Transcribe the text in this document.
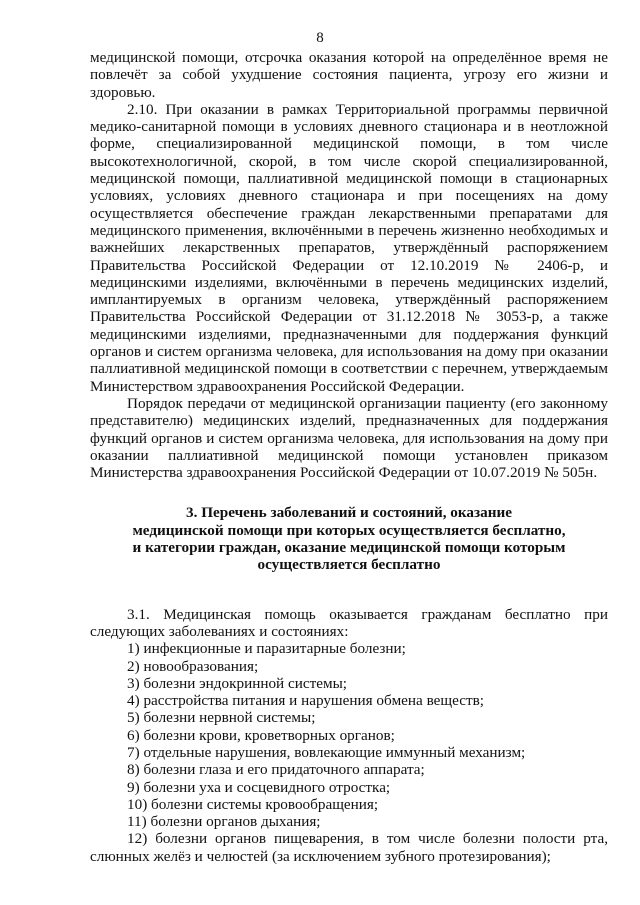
8

медицинской помощи, отсрочка оказания которой на определённое время не повлечёт за собой ухудшение состояния пациента, угрозу его жизни и здоровью.

2.10. При оказании в рамках Территориальной программы первичной медико-санитарной помощи в условиях дневного стационара и в неотложной форме, специализированной медицинской помощи, в том числе высокотехнологичной, скорой, в том числе скорой специализированной, медицинской помощи, паллиативной медицинской помощи в стационарных условиях, условиях дневного стационара и при посещениях на дому осуществляется обеспечение граждан лекарственными препаратами для медицинского применения, включёнными в перечень жизненно необходимых и важнейших лекарственных препаратов, утверждённый распоряжением Правительства Российской Федерации от 12.10.2019 № 2406-р, и медицинскими изделиями, включёнными в перечень медицинских изделий, имплантируемых в организм человека, утверждённый распоряжением Правительства Российской Федерации от 31.12.2018 № 3053-р, а также медицинскими изделиями, предназначенными для поддержания функций органов и систем организма человека, для использования на дому при оказании паллиативной медицинской помощи в соответствии с перечнем, утверждаемым Министерством здравоохранения Российской Федерации.

Порядок передачи от медицинской организации пациенту (его законному представителю) медицинских изделий, предназначенных для поддержания функций органов и систем организма человека, для использования на дому при оказании паллиативной медицинской помощи установлен приказом Министерства здравоохранения Российской Федерации от 10.07.2019 № 505н.

3. Перечень заболеваний и состояний, оказание
медицинской помощи при которых осуществляется бесплатно,
и категории граждан, оказание медицинской помощи которым
осуществляется бесплатно

3.1. Медицинская помощь оказывается гражданам бесплатно при следующих заболеваниях и состояниях:

1) инфекционные и паразитарные болезни;
2) новообразования;
3) болезни эндокринной системы;
4) расстройства питания и нарушения обмена веществ;
5) болезни нервной системы;
6) болезни крови, кроветворных органов;
7) отдельные нарушения, вовлекающие иммунный механизм;
8) болезни глаза и его придаточного аппарата;
9) болезни уха и сосцевидного отростка;
10) болезни системы кровообращения;
11) болезни органов дыхания;
12) болезни органов пищеварения, в том числе болезни полости рта, слюнных желёз и челюстей (за исключением зубного протезирования);
